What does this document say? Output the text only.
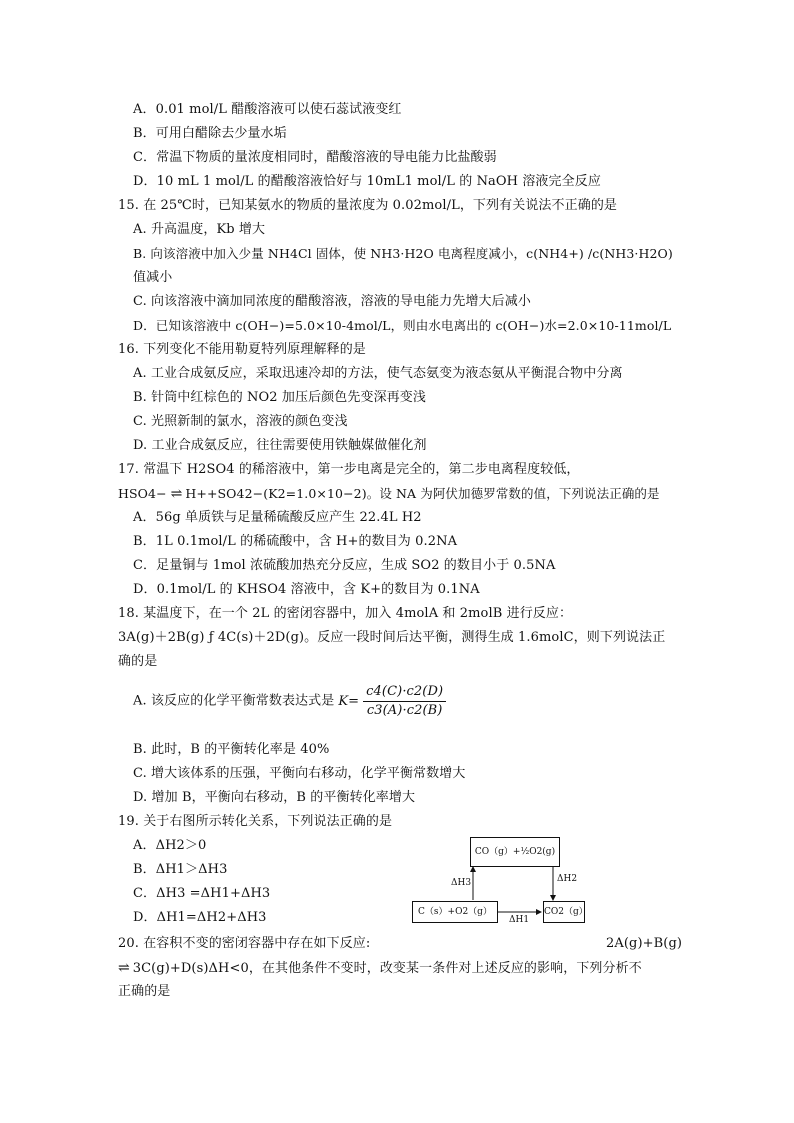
A．0.01 mol/L 醋酸溶液可以使石蕊试液变红
B．可用白醋除去少量水垢
C．常温下物质的量浓度相同时，醋酸溶液的导电能力比盐酸弱
D．10 mL 1 mol/L 的醋酸溶液恰好与 10mL1 mol/L 的 NaOH 溶液完全反应
15. 在 25℃时，已知某氨水的物质的量浓度为 0.02mol/L，下列有关说法不正确的是
A. 升高温度，Kb 增大
B. 向该溶液中加入少量 NH4Cl 固体，使 NH3·H2O 电离程度减小，c(NH4+) /c(NH3·H2O)
值减小
C. 向该溶液中滴加同浓度的醋酸溶液，溶液的导电能力先增大后减小
D．已知该溶液中 c(OH−)=5.0×10-4mol/L，则由水电离出的 c(OH−)水=2.0×10-11mol/L
16. 下列变化不能用勒夏特列原理解释的是
A. 工业合成氨反应，采取迅速冷却的方法，使气态氨变为液态氨从平衡混合物中分离
B. 针筒中红棕色的 NO2 加压后颜色先变深再变浅
C. 光照新制的氯水，溶液的颜色变浅
D. 工业合成氨反应，往往需要使用铁触媒做催化剂
17. 常温下 H2SO4 的稀溶液中，第一步电离是完全的，第二步电离程度较低，
HSO4− ⇌ H++SO42−(K2=1.0×10−2)。设 NA 为阿伏加德罗常数的值，下列说法正确的是
A．56g 单质铁与足量稀硫酸反应产生 22.4L H2
B．1L 0.1mol/L 的稀硫酸中，含 H+的数目为 0.2NA
C．足量铜与 1mol 浓硫酸加热充分反应，生成 SO2 的数目小于 0.5NA
D．0.1mol/L 的 KHSO4 溶液中，含 K+的数目为 0.1NA
18. 某温度下，在一个 2L 的密闭容器中，加入 4molA 和 2molB 进行反应：
3A(g)＋2B(g) ƒ 4C(s)＋2D(g)。反应一段时间后达平衡，测得生成 1.6molC，则下列说法正
确的是
A. 该反应的化学平衡常数表达式是 $K= \frac{c4(C)\cdot c2(D)}{c3(A)\cdot c2(B)}$
B. 此时，B 的平衡转化率是 40%
C. 增大该体系的压强，平衡向右移动，化学平衡常数增大
D. 增加 B，平衡向右移动，B 的平衡转化率增大
19. 关于右图所示转化关系，下列说法正确的是
A．ΔH2＞0
B．ΔH1＞ΔH3
C．ΔH3 =ΔH1+ΔH3
D．ΔH1=ΔH2+ΔH3
CO（g）+½O2(g)
C（s）+O2（g）	CO2（g）
ΔH3	ΔH2
ΔH1
20. 在容积不变的密闭容器中存在如下反应:	2A(g)+B(g)
⇌ 3C(g)+D(s)ΔH<0，在其他条件不变时，改变某一条件对上述反应的影响，下列分析不
正确的是
